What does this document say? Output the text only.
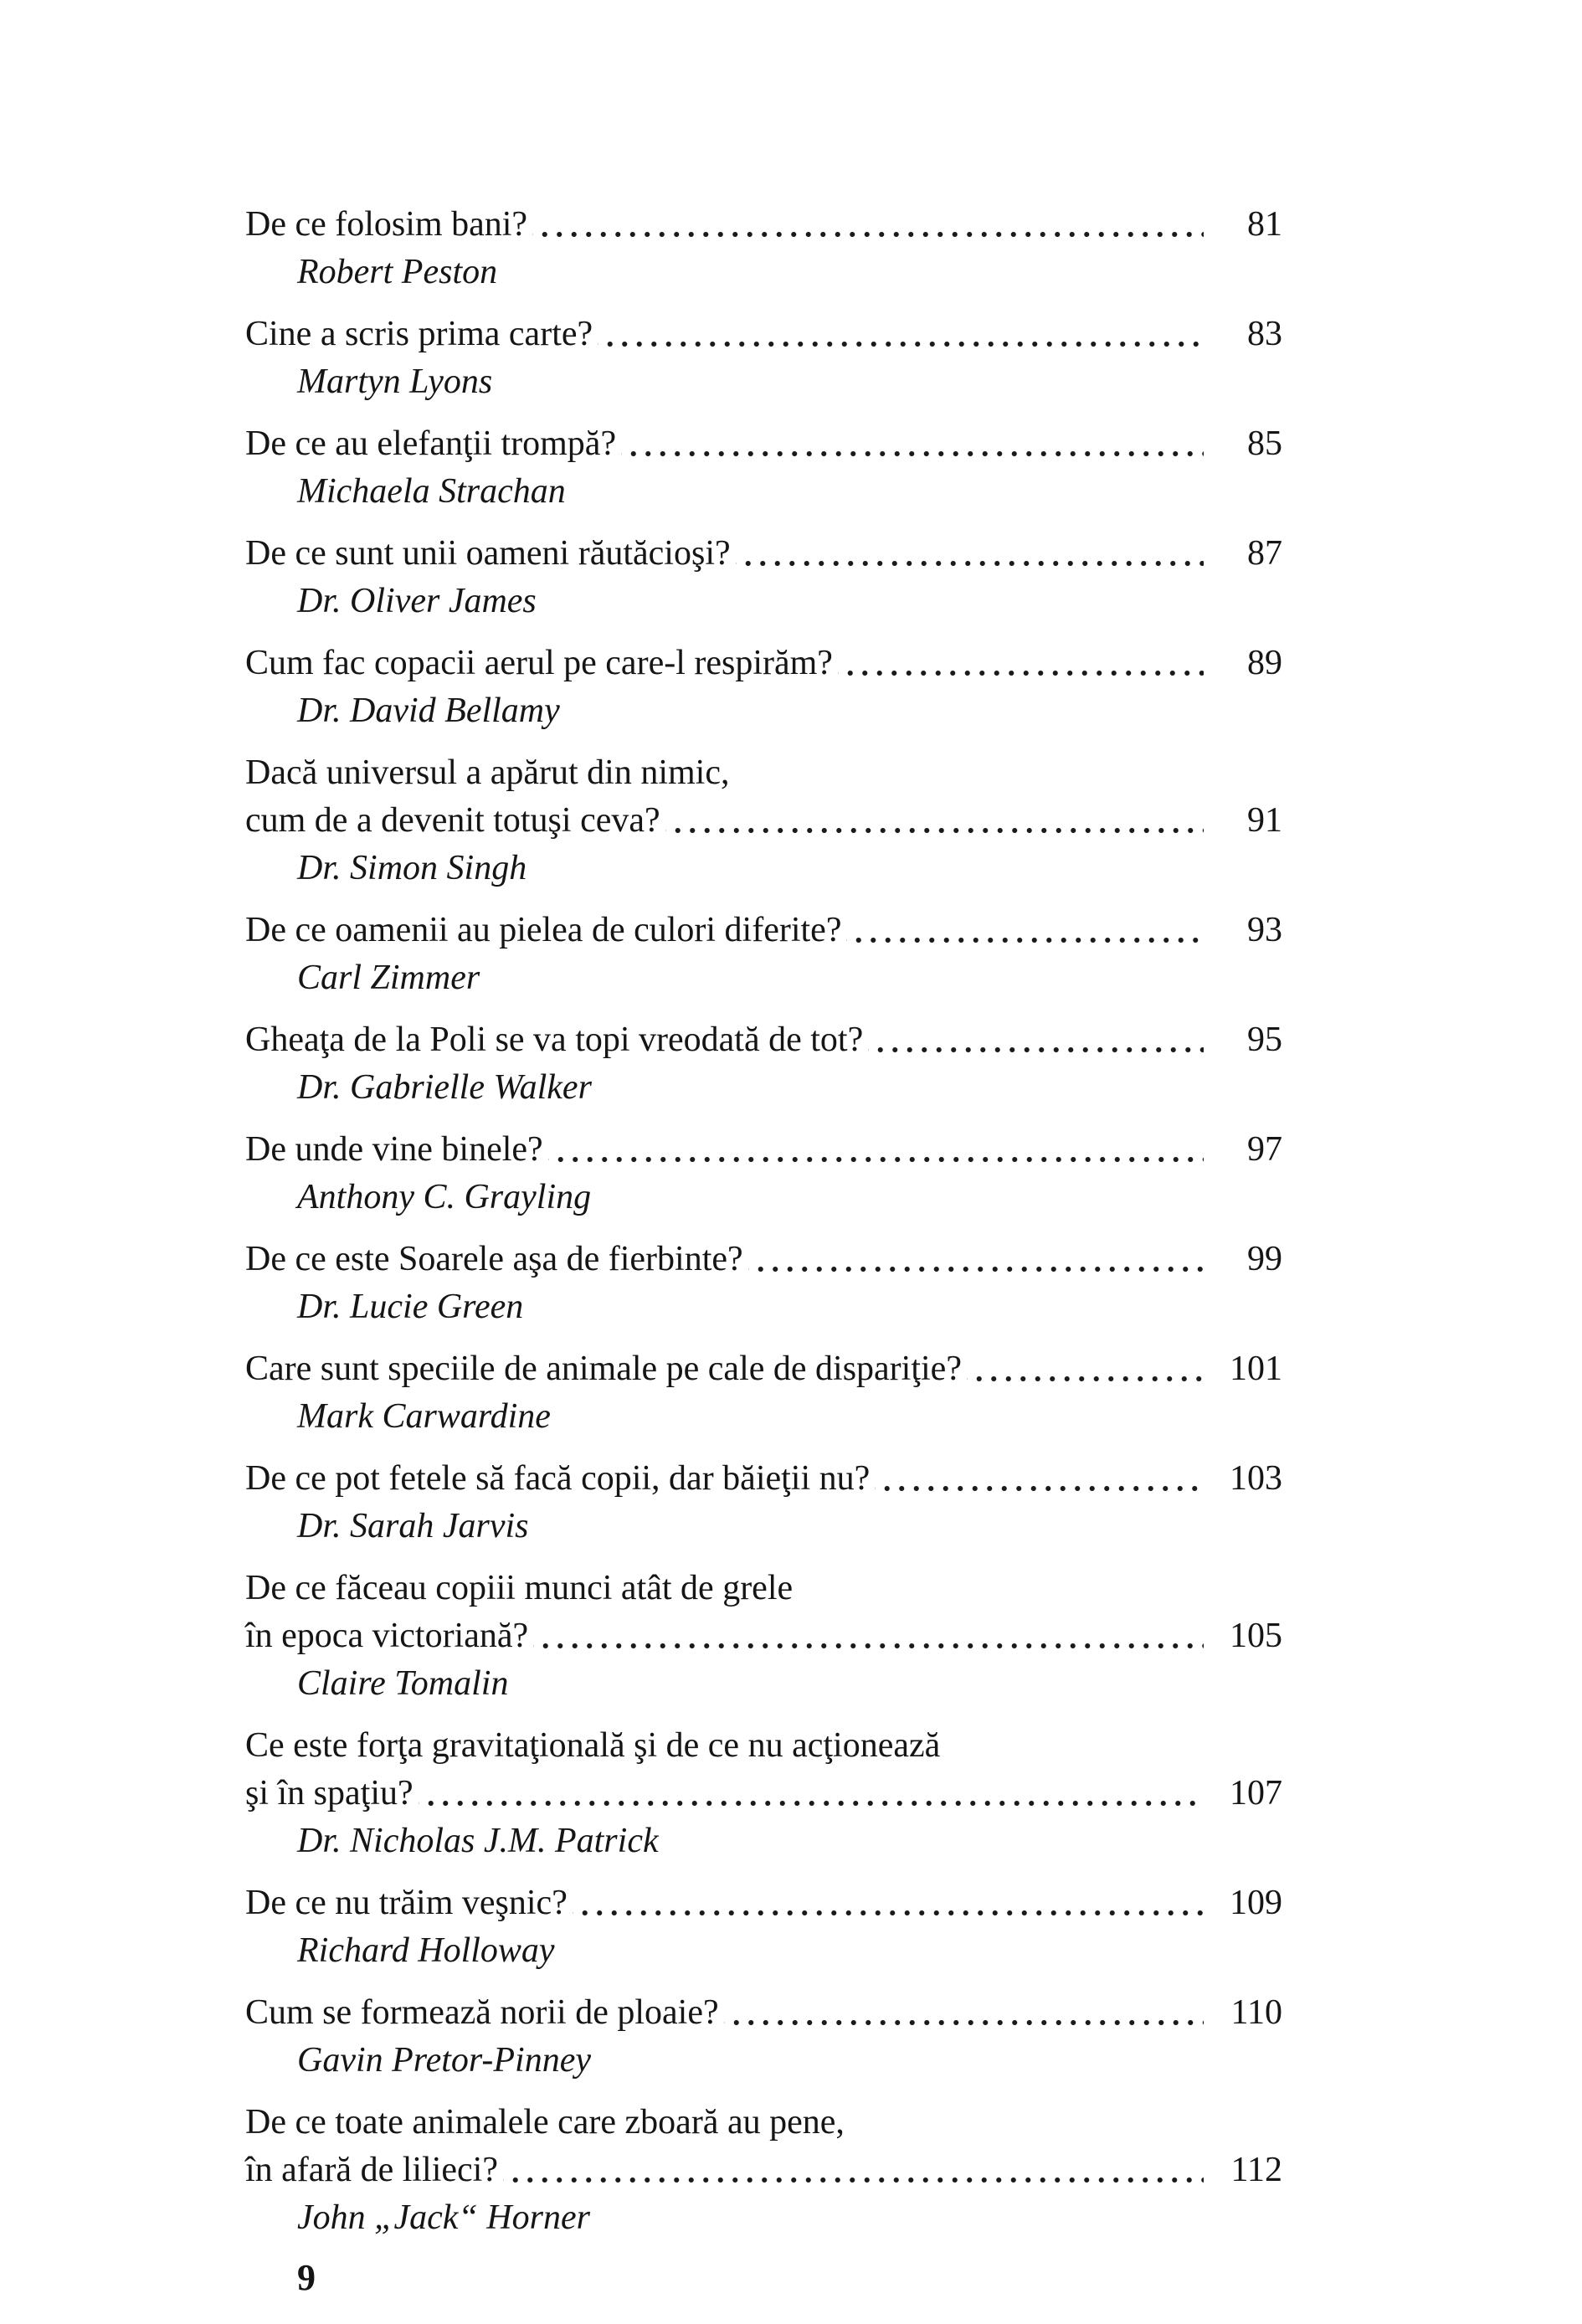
De ce folosim bani?	81
Robert Peston
Cine a scris prima carte?	83
Martyn Lyons
De ce au elefanţii trompă?	85
Michaela Strachan
De ce sunt unii oameni răutăcioşi?	87
Dr. Oliver James
Cum fac copacii aerul pe care-l respirăm?	89
Dr. David Bellamy
Dacă universul a apărut din nimic,
cum de a devenit totuşi ceva?	91
Dr. Simon Singh
De ce oamenii au pielea de culori diferite?	93
Carl Zimmer
Gheaţa de la Poli se va topi vreodată de tot?	95
Dr. Gabrielle Walker
De unde vine binele?	97
Anthony C. Grayling
De ce este Soarele aşa de fierbinte?	99
Dr. Lucie Green
Care sunt speciile de animale pe cale de dispariţie?	101
Mark Carwardine
De ce pot fetele să facă copii, dar băieţii nu?	103
Dr. Sarah Jarvis
De ce făceau copiii munci atât de grele
în epoca victoriană?	105
Claire Tomalin
Ce este forţa gravitaţională şi de ce nu acţionează
şi în spaţiu?	107
Dr. Nicholas J.M. Patrick
De ce nu trăim veşnic?	109
Richard Holloway
Cum se formează norii de ploaie?	110
Gavin Pretor-Pinney
De ce toate animalele care zboară au pene,
în afară de lilieci?	112
John „Jack“ Horner
9
